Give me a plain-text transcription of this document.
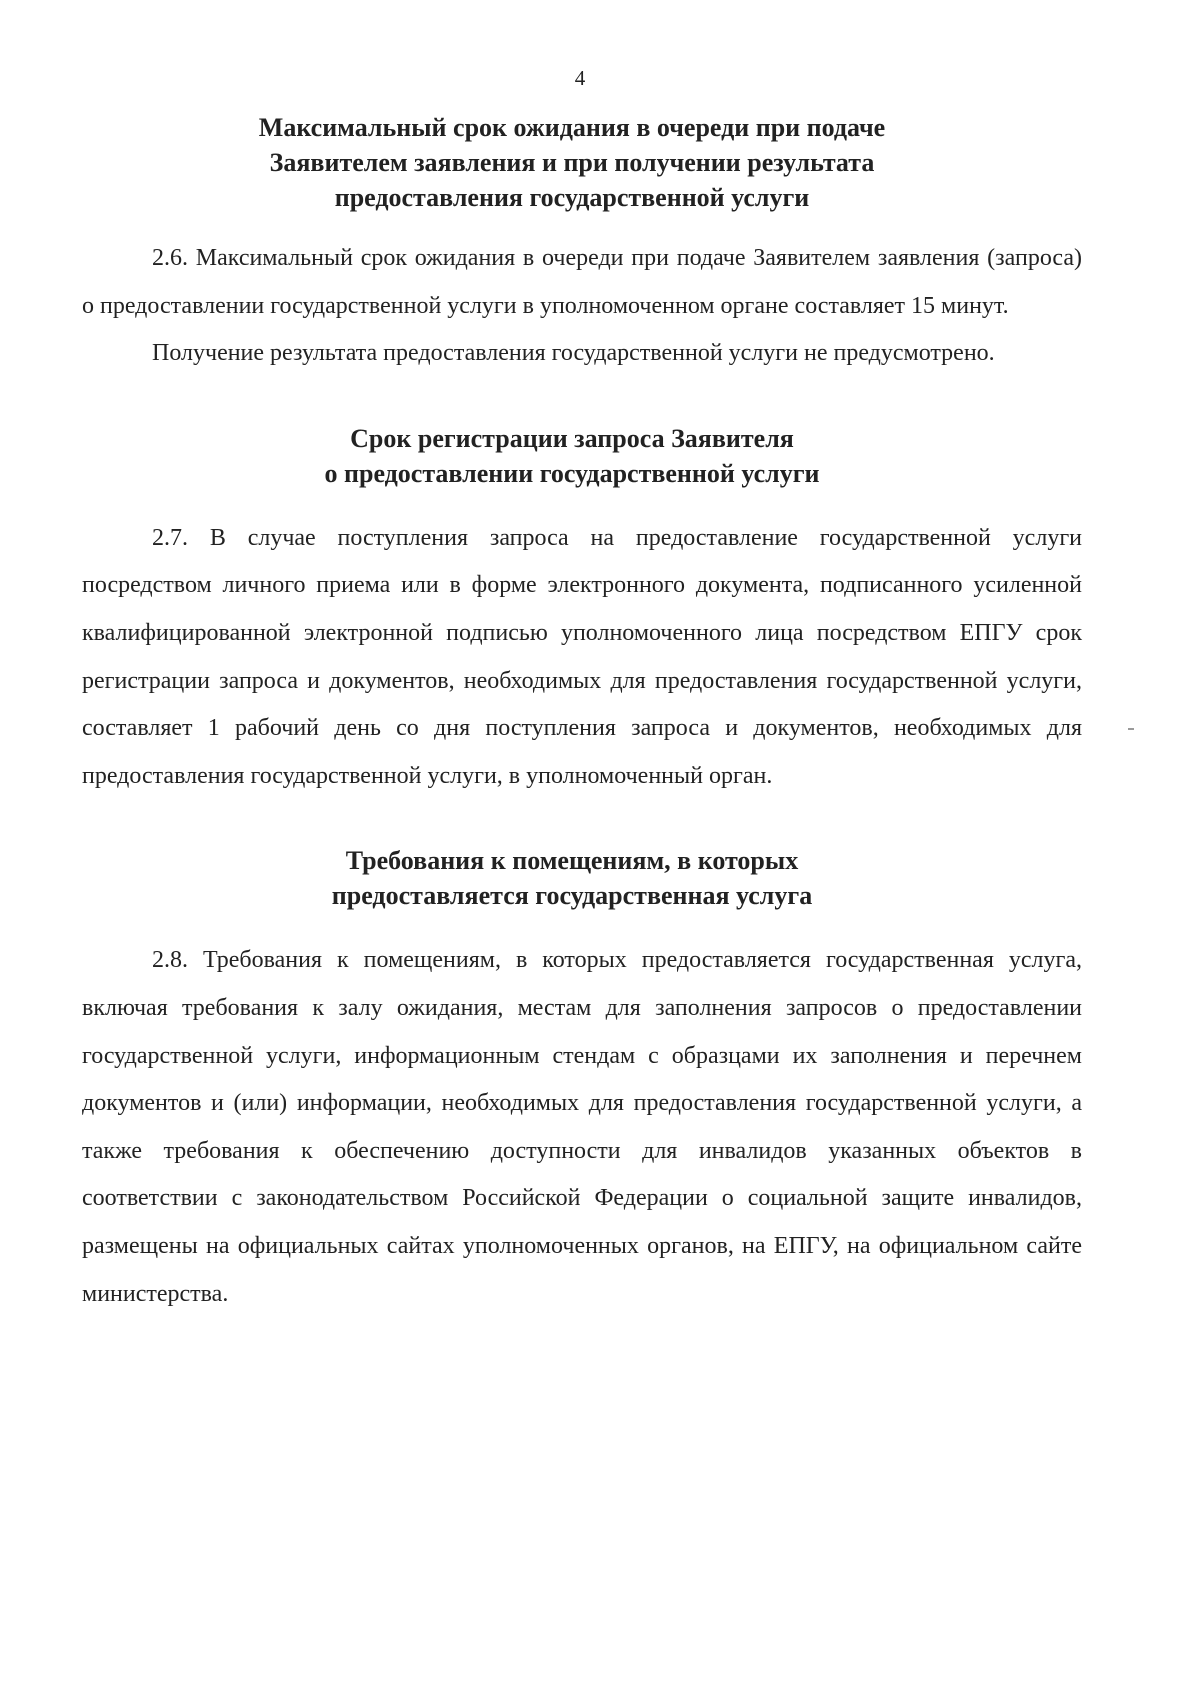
4

Максимальный срок ожидания в очереди при подаче
Заявителем заявления и при получении результата
предоставления государственной услуги

2.6. Максимальный срок ожидания в очереди при подаче Заявителем заявления (запроса) о предоставлении государственной услуги в уполномоченном органе составляет 15 минут.

Получение результата предоставления государственной услуги не предусмотрено.

Срок регистрации запроса Заявителя
о предоставлении государственной услуги

2.7. В случае поступления запроса на предоставление государственной услуги посредством личного приема или в форме электронного документа, подписанного усиленной квалифицированной электронной подписью уполномоченного лица посредством ЕПГУ срок регистрации запроса и документов, необходимых для предоставления государственной услуги, составляет 1 рабочий день со дня поступления запроса и документов, необходимых для предоставления государственной услуги, в уполномоченный орган.

Требования к помещениям, в которых
предоставляется государственная услуга

2.8. Требования к помещениям, в которых предоставляется государственная услуга, включая требования к залу ожидания, местам для заполнения запросов о предоставлении государственной услуги, информационным стендам с образцами их заполнения и перечнем документов и (или) информации, необходимых для предоставления государственной услуги, а также требования к обеспечению доступности для инвалидов указанных объектов в соответствии с законодательством Российской Федерации о социальной защите инвалидов, размещены на официальных сайтах уполномоченных органов, на ЕПГУ, на официальном сайте министерства.
